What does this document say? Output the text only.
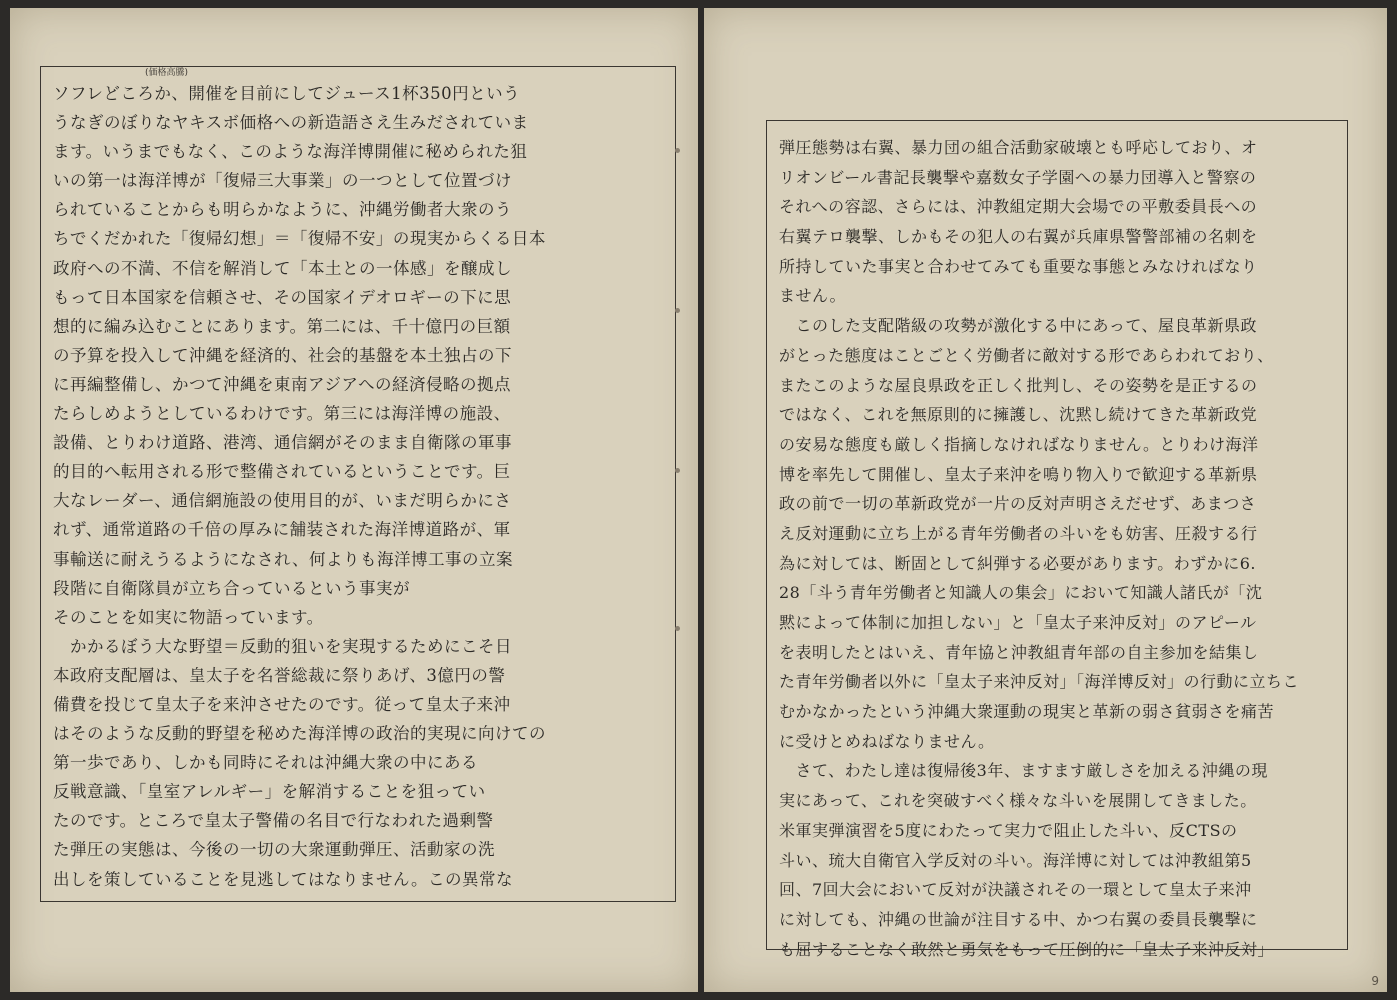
ソフレどころか、開催を目前にしてジュース1杯350円という
うなぎのぼりなヤキスボ価格への新造語さえ生みだされていま
ます。いうまでもなく、このような海洋博開催に秘められた狙
いの第一は海洋博が「復帰三大事業」の一つとして位置づけ
られていることからも明らかなように、沖縄労働者大衆のう
ちでくだかれた「復帰幻想」＝「復帰不安」の現実からくる日本
政府への不満、不信を解消して「本土との一体感」を醸成し
もって日本国家を信頼させ、その国家イデオロギーの下に思
想的に編み込むことにあります。第二には、千十億円の巨額
の予算を投入して沖縄を経済的、社会的基盤を本土独占の下
に再編整備し、かつて沖縄を東南アジアへの経済侵略の拠点
たらしめようとしているわけです。第三には海洋博の施設、
設備、とりわけ道路、港湾、通信網がそのまま自衛隊の軍事
的目的へ転用される形で整備されているということです。巨
大なレーダー、通信網施設の使用目的が、いまだ明らかにさ
れず、通常道路の千倍の厚みに舗装された海洋博道路が、軍
事輸送に耐えうるようになされ、何よりも海洋博工事の立案
段階に自衛隊員が立ち合っているという事実が
そのことを如実に物語っています。
　かかるぼう大な野望＝反動的狙いを実現するためにこそ日
本政府支配層は、皇太子を名誉総裁に祭りあげ、3億円の警
備費を投じて皇太子を来沖させたのです。従って皇太子来沖
はそのような反動的野望を秘めた海洋博の政治的実現に向けての
第一歩であり、しかも同時にそれは沖縄大衆の中にある
反戦意識、「皇室アレルギー」を解消することを狙ってい
たのです。ところで皇太子警備の名目で行なわれた過剰警
た弾圧の実態は、今後の一切の大衆運動弾圧、活動家の洗
出しを策していることを見逃してはなりません。この異常な
(価格高騰)
弾圧態勢は右翼、暴力団の組合活動家破壊とも呼応しており、オ
リオンビール書記長襲撃や嘉数女子学園への暴力団導入と警察の
それへの容認、さらには、沖教組定期大会場での平敷委員長への
右翼テロ襲撃、しかもその犯人の右翼が兵庫県警警部補の名刺を
所持していた事実と合わせてみても重要な事態とみなければなり
ません。
　このした支配階級の攻勢が激化する中にあって、屋良革新県政
がとった態度はことごとく労働者に敵対する形であらわれており、
またこのような屋良県政を正しく批判し、その姿勢を是正するの
ではなく、これを無原則的に擁護し、沈黙し続けてきた革新政党
の安易な態度も厳しく指摘しなければなりません。とりわけ海洋
博を率先して開催し、皇太子来沖を鳴り物入りで歓迎する革新県
政の前で一切の革新政党が一片の反対声明さえだせず、あまつさ
え反対運動に立ち上がる青年労働者の斗いをも妨害、圧殺する行
為に対しては、断固として糾弾する必要があります。わずかに6.
28「斗う青年労働者と知識人の集会」において知識人諸氏が「沈
黙によって体制に加担しない」と「皇太子来沖反対」のアピール
を表明したとはいえ、青年協と沖教組青年部の自主参加を結集し
た青年労働者以外に「皇太子来沖反対」「海洋博反対」の行動に立ちこ
むかなかったという沖縄大衆運動の現実と革新の弱さ貧弱さを痛苦
に受けとめねばなりません。
　さて、わたし達は復帰後3年、ますます厳しさを加える沖縄の現
実にあって、これを突破すべく様々な斗いを展開してきました。
米軍実弾演習を5度にわたって実力で阻止した斗い、反CTSの
斗い、琉大自衛官入学反対の斗い。海洋博に対しては沖教組第5
回、7回大会において反対が決議されその一環として皇太子来沖
に対しても、沖縄の世論が注目する中、かつ右翼の委員長襲撃に
も屈することなく敢然と勇気をもって圧倒的に「皇太子来沖反対」
9
